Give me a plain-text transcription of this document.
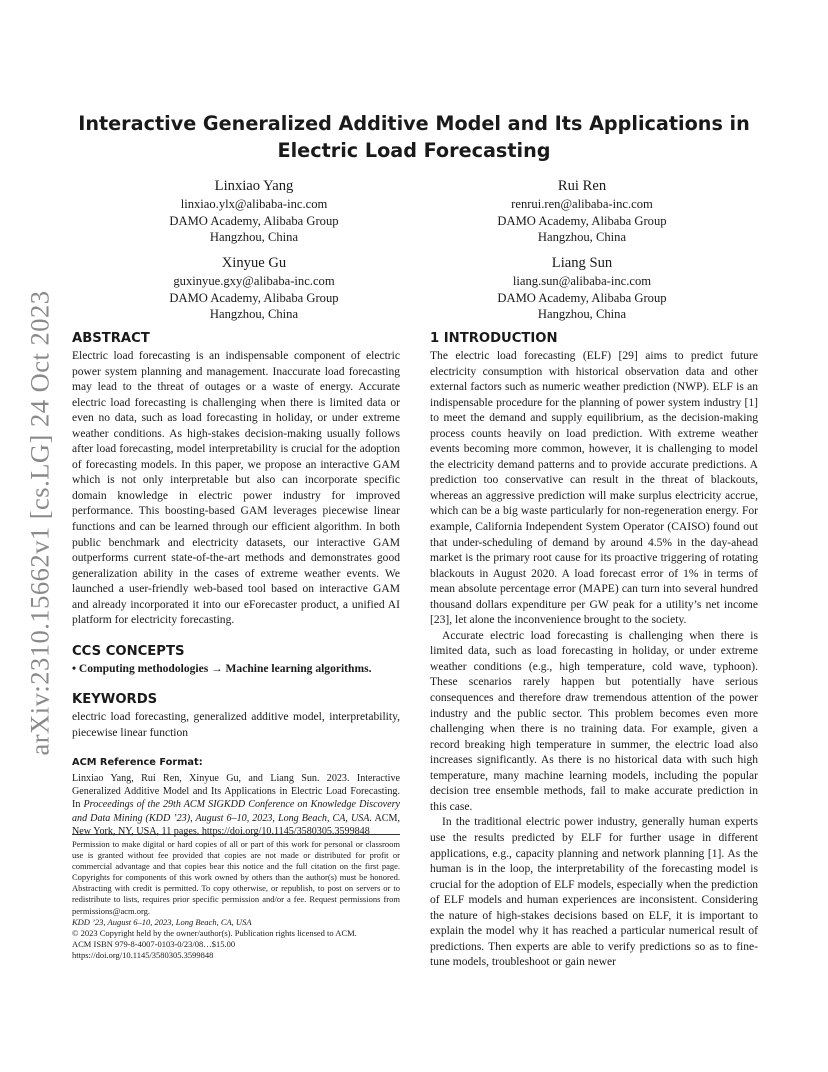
arXiv:2310.15662v1 [cs.LG] 24 Oct 2023
Interactive Generalized Additive Model and Its Applications in Electric Load Forecasting
Linxiao Yang
linxiao.ylx@alibaba-inc.com
DAMO Academy, Alibaba Group
Hangzhou, China
Rui Ren
renrui.ren@alibaba-inc.com
DAMO Academy, Alibaba Group
Hangzhou, China
Xinyue Gu
guxinyue.gxy@alibaba-inc.com
DAMO Academy, Alibaba Group
Hangzhou, China
Liang Sun
liang.sun@alibaba-inc.com
DAMO Academy, Alibaba Group
Hangzhou, China
ABSTRACT

Electric load forecasting is an indispensable component of electric power system planning and management. Inaccurate load forecasting may lead to the threat of outages or a waste of energy. Accurate electric load forecasting is challenging when there is limited data or even no data, such as load forecasting in holiday, or under extreme weather conditions. As high-stakes decision-making usually follows after load forecasting, model interpretability is crucial for the adoption of forecasting models. In this paper, we propose an interactive GAM which is not only interpretable but also can incorporate specific domain knowledge in electric power industry for improved performance. This boosting-based GAM leverages piecewise linear functions and can be learned through our efficient algorithm. In both public benchmark and electricity datasets, our interactive GAM outperforms current state-of-the-art methods and demonstrates good generalization ability in the cases of extreme weather events. We launched a user-friendly web-based tool based on interactive GAM and already incorporated it into our eForecaster product, a unified AI platform for electricity forecasting.

CCS CONCEPTS

• Computing methodologies → Machine learning algorithms.

KEYWORDS

electric load forecasting, generalized additive model, interpretability, piecewise linear function

ACM Reference Format:

Linxiao Yang, Rui Ren, Xinyue Gu, and Liang Sun. 2023. Interactive Generalized Additive Model and Its Applications in Electric Load Forecasting. In Proceedings of the 29th ACM SIGKDD Conference on Knowledge Discovery and Data Mining (KDD ’23), August 6–10, 2023, Long Beach, CA, USA. ACM, New York, NY, USA, 11 pages. https://doi.org/10.1145/3580305.3599848

Permission to make digital or hard copies of all or part of this work for personal or classroom use is granted without fee provided that copies are not made or distributed for profit or commercial advantage and that copies bear this notice and the full citation on the first page. Copyrights for components of this work owned by others than the author(s) must be honored. Abstracting with credit is permitted. To copy otherwise, or republish, to post on servers or to redistribute to lists, requires prior specific permission and/or a fee. Request permissions from permissions@acm.org.

KDD ’23, August 6–10, 2023, Long Beach, CA, USA
© 2023 Copyright held by the owner/author(s). Publication rights licensed to ACM.
ACM ISBN 979-8-4007-0103-0/23/08…$15.00
https://doi.org/10.1145/3580305.3599848
1 INTRODUCTION

The electric load forecasting (ELF) [29] aims to predict future electricity consumption with historical observation data and other external factors such as numeric weather prediction (NWP). ELF is an indispensable procedure for the planning of power system industry [1] to meet the demand and supply equilibrium, as the decision-making process counts heavily on load prediction. With extreme weather events becoming more common, however, it is challenging to model the electricity demand patterns and to provide accurate predictions. A prediction too conservative can result in the threat of blackouts, whereas an aggressive prediction will make surplus electricity accrue, which can be a big waste particularly for non-regeneration energy. For example, California Independent System Operator (CAISO) found out that under-scheduling of demand by around 4.5% in the day-ahead market is the primary root cause for its proactive triggering of rotating blackouts in August 2020. A load forecast error of 1% in terms of mean absolute percentage error (MAPE) can turn into several hundred thousand dollars expenditure per GW peak for a utility’s net income [23], let alone the inconvenience brought to the society.

Accurate electric load forecasting is challenging when there is limited data, such as load forecasting in holiday, or under extreme weather conditions (e.g., high temperature, cold wave, typhoon). These scenarios rarely happen but potentially have serious consequences and therefore draw tremendous attention of the power industry and the public sector. This problem becomes even more challenging when there is no training data. For example, given a record breaking high temperature in summer, the electric load also increases significantly. As there is no historical data with such high temperature, many machine learning models, including the popular decision tree ensemble methods, fail to make accurate prediction in this case.

In the traditional electric power industry, generally human experts use the results predicted by ELF for further usage in different applications, e.g., capacity planning and network planning [1]. As the human is in the loop, the interpretability of the forecasting model is crucial for the adoption of ELF models, especially when the prediction of ELF models and human experiences are inconsistent. Considering the nature of high-stakes decisions based on ELF, it is important to explain the model why it has reached a particular numerical result of predictions. Then experts are able to verify predictions so as to fine-tune models, troubleshoot or gain newer
